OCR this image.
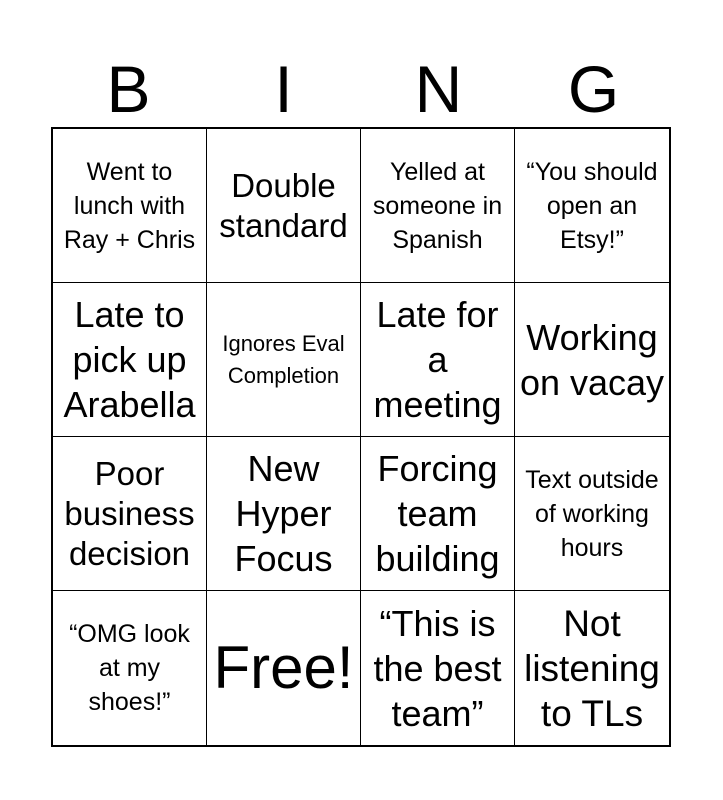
B	I	N	G
Went to lunch with Ray + Chris
Double standard
Yelled at someone in Spanish
“You should open an Etsy!”
Late to pick up Arabella
Ignores Eval Completion
Late for a meeting
Working on vacay
Poor business decision
New Hyper Focus
Forcing team building
Text outside of working hours
“OMG look at my shoes!”
Free!
“This is the best team”
Not listening to TLs
